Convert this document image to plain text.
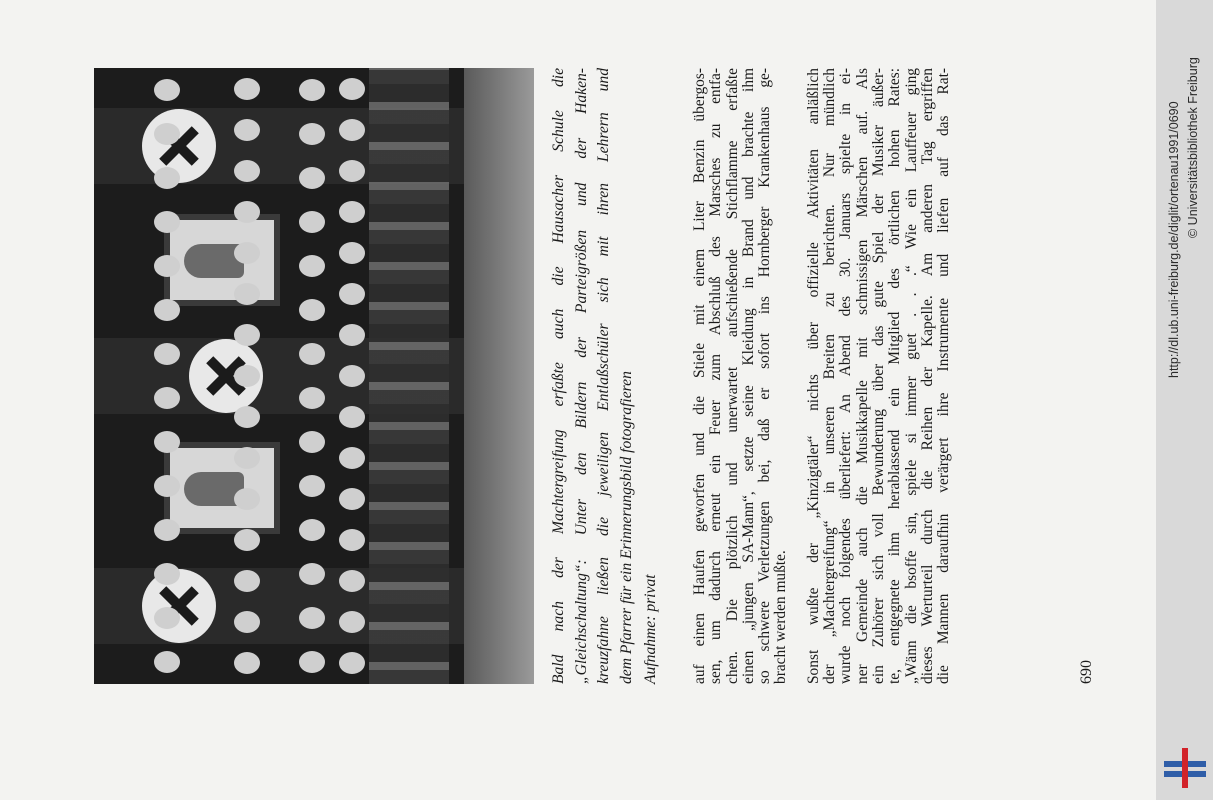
Bald nach der Machtergreifung erfaßte auch die Hausacher Schule die „Gleichschaltung“: Unter den Bildern der Parteigrößen und der Haken- kreuzfahne ließen die jeweiligen Entlaßschüler sich mit ihren Lehrern und dem Pfarrer für ein Erinnerungsbild fotografieren Aufnahme: privat auf einen Haufen geworfen und die Stiele mit einem Liter Benzin übergos- sen, um dadurch erneut ein Feuer zum Abschluß des Marsches zu entfa- chen. Die plötzlich und unerwartet aufschießende Stichflamme erfaßte einen „jungen SA-Mann“, setzte seine Kleidung in Brand und brachte ihm so schwere Verletzungen bei, daß er sofort ins Hornberger Krankenhaus ge- bracht werden mußte. Sonst wußte der „Kinzigtäler“ nichts über offizielle Aktivitäten anläßlich der „Machtergreifung“ in unseren Breiten zu berichten. Nur mündlich wurde noch folgendes überliefert: An Abend des 30. Januars spielte in ei- ner Gemeinde auch die Musikkapelle mit schmissigen Märschen auf. Als ein Zuhörer sich voll Bewunderung über das gute Spiel der Musiker äußer- te, entgegnete ihm herablassend ein Mitglied des örtlichen hohen Rates: „Wänn die bsoffe sin, spiele si immer guet . . .“ Wie ein Lauffeuer ging dieses Werturteil durch die Reihen der Kapelle. Am anderen Tag ergriffen die Mannen daraufhin verärgert ihre Instrumente und liefen auf das Rat-	690
http://dl.ub.uni-freiburg.de/diglit/ortenau1991/0690 © Universitätsbibliothek Freiburg
